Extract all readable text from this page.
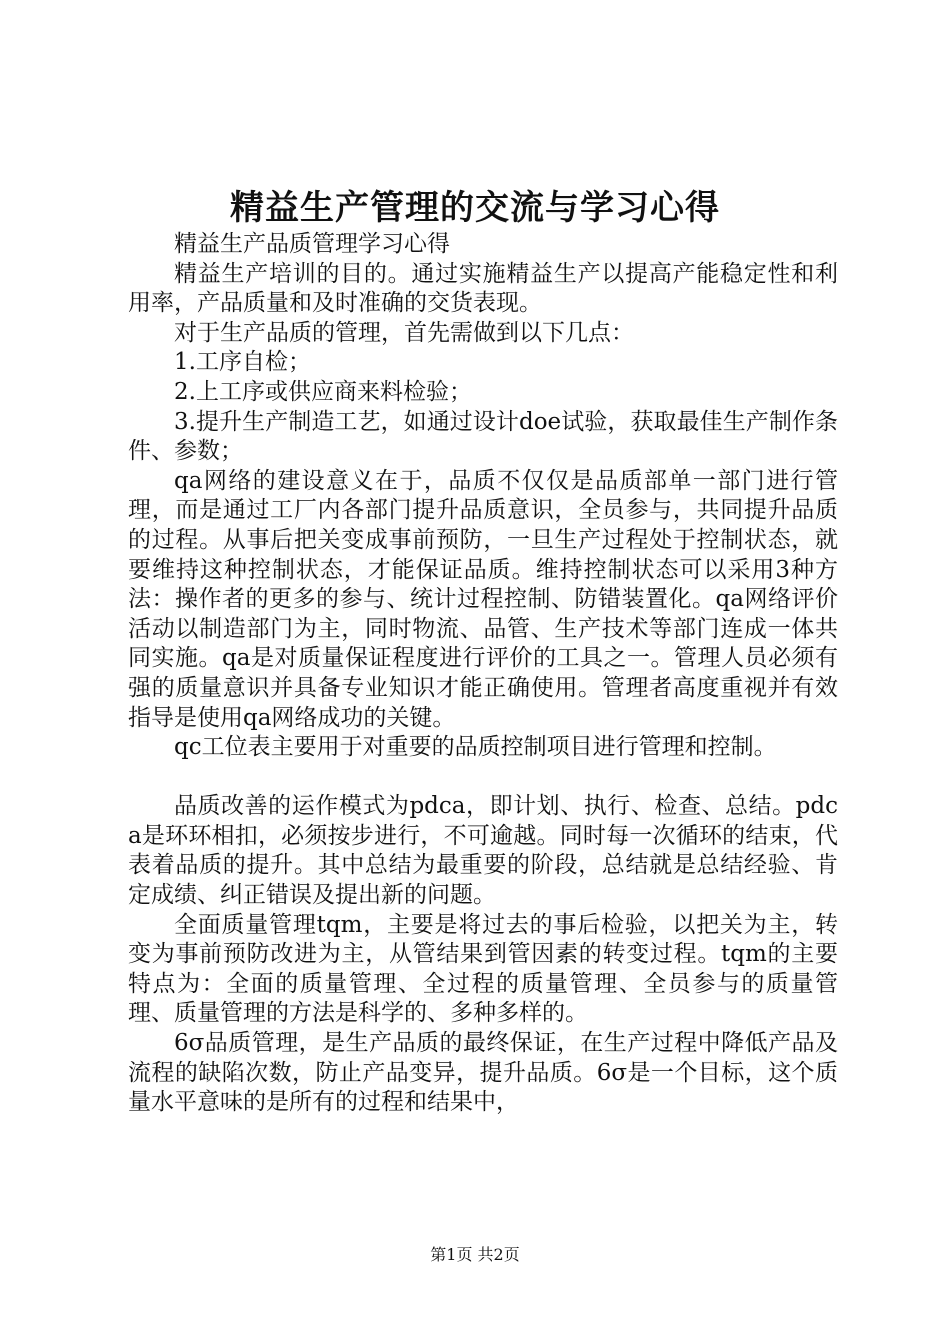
精益生产管理的交流与学习心得

精益生产品质管理学习心得

精益生产培训的目的。通过实施精益生产以提高产能稳定性和利用率，产品质量和及时准确的交货表现。

对于生产品质的管理，首先需做到以下几点：

1.工序自检；

2.上工序或供应商来料检验；

3.提升生产制造工艺，如通过设计doe试验，获取最佳生产制作条件、参数；

qa网络的建设意义在于，品质不仅仅是品质部单一部门进行管理，而是通过工厂内各部门提升品质意识，全员参与，共同提升品质的过程。从事后把关变成事前预防，一旦生产过程处于控制状态，就要维持这种控制状态，才能保证品质。维持控制状态可以采用3种方法：操作者的更多的参与、统计过程控制、防错装置化。qa网络评价活动以制造部门为主，同时物流、品管、生产技术等部门连成一体共同实施。qa是对质量保证程度进行评价的工具之一。管理人员必须有强的质量意识并具备专业知识才能正确使用。管理者高度重视并有效指导是使用qa网络成功的关键。

qc工位表主要用于对重要的品质控制项目进行管理和控制。

品质改善的运作模式为pdca，即计划、执行、检查、总结。pdca是环环相扣，必须按步进行，不可逾越。同时每一次循环的结束，代表着品质的提升。其中总结为最重要的阶段，总结就是总结经验、肯定成绩、纠正错误及提出新的问题。

全面质量管理tqm，主要是将过去的事后检验，以把关为主，转变为事前预防改进为主，从管结果到管因素的转变过程。tqm的主要特点为：全面的质量管理、全过程的质量管理、全员参与的质量管理、质量管理的方法是科学的、多种多样的。

6σ品质管理，是生产品质的最终保证，在生产过程中降低产品及流程的缺陷次数，防止产品变异，提升品质。6σ是一个目标，这个质量水平意味的是所有的过程和结果中，

第1页 共2页
